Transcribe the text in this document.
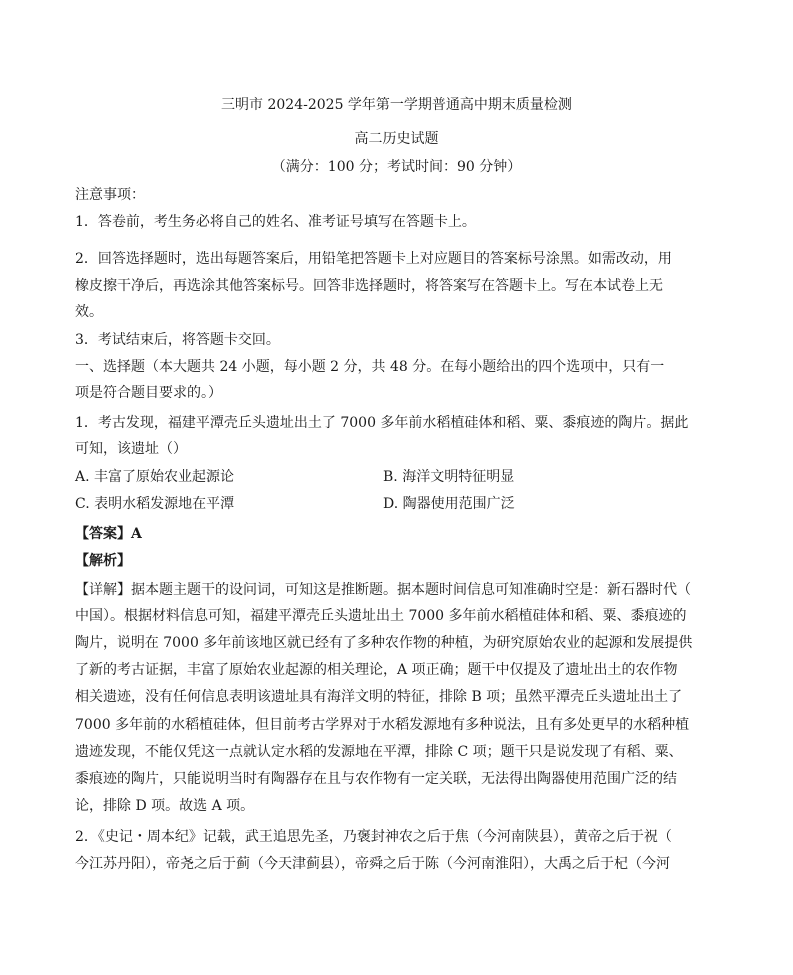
三明市 2024-2025 学年第一学期普通高中期末质量检测
高二历史试题
（满分：100 分；考试时间：90 分钟）
注意事项：
1．答卷前，考生务必将自己的姓名、准考证号填写在答题卡上。
2．回答选择题时，选出每题答案后，用铅笔把答题卡上对应题目的答案标号涂黑。如需改动，用
橡皮擦干净后，再选涂其他答案标号。回答非选择题时，将答案写在答题卡上。写在本试卷上无
效。
3．考试结束后，将答题卡交回。
一、选择题（本大题共 24 小题，每小题 2 分，共 48 分。在每小题给出的四个选项中，只有一
项是符合题目要求的。）
1．考古发现，福建平潭壳丘头遗址出土了 7000 多年前水稻植硅体和稻、粟、黍痕迹的陶片。据此
可知，该遗址（）
A. 丰富了原始农业起源论	B. 海洋文明特征明显
C. 表明水稻发源地在平潭	D. 陶器使用范围广泛
【答案】A
【解析】
【详解】据本题主题干的设问词，可知这是推断题。据本题时间信息可知准确时空是：新石器时代（
中国）。根据材料信息可知，福建平潭壳丘头遗址出土 7000 多年前水稻植硅体和稻、粟、黍痕迹的
陶片，说明在 7000 多年前该地区就已经有了多种农作物的种植，为研究原始农业的起源和发展提供
了新的考古证据，丰富了原始农业起源的相关理论，A 项正确；题干中仅提及了遗址出土的农作物
相关遗迹，没有任何信息表明该遗址具有海洋文明的特征，排除 B 项；虽然平潭壳丘头遗址出土了
7000 多年前的水稻植硅体，但目前考古学界对于水稻发源地有多种说法，且有多处更早的水稻种植
遗迹发现，不能仅凭这一点就认定水稻的发源地在平潭，排除 C 项；题干只是说发现了有稻、粟、
黍痕迹的陶片，只能说明当时有陶器存在且与农作物有一定关联，无法得出陶器使用范围广泛的结
论，排除 D 项。故选 A 项。
2．《史记・周本纪》记载，武王追思先圣，乃褒封神农之后于焦（今河南陕县），黄帝之后于祝（
今江苏丹阳），帝尧之后于蓟（今天津蓟县），帝舜之后于陈（今河南淮阳），大禹之后于杞（今河
